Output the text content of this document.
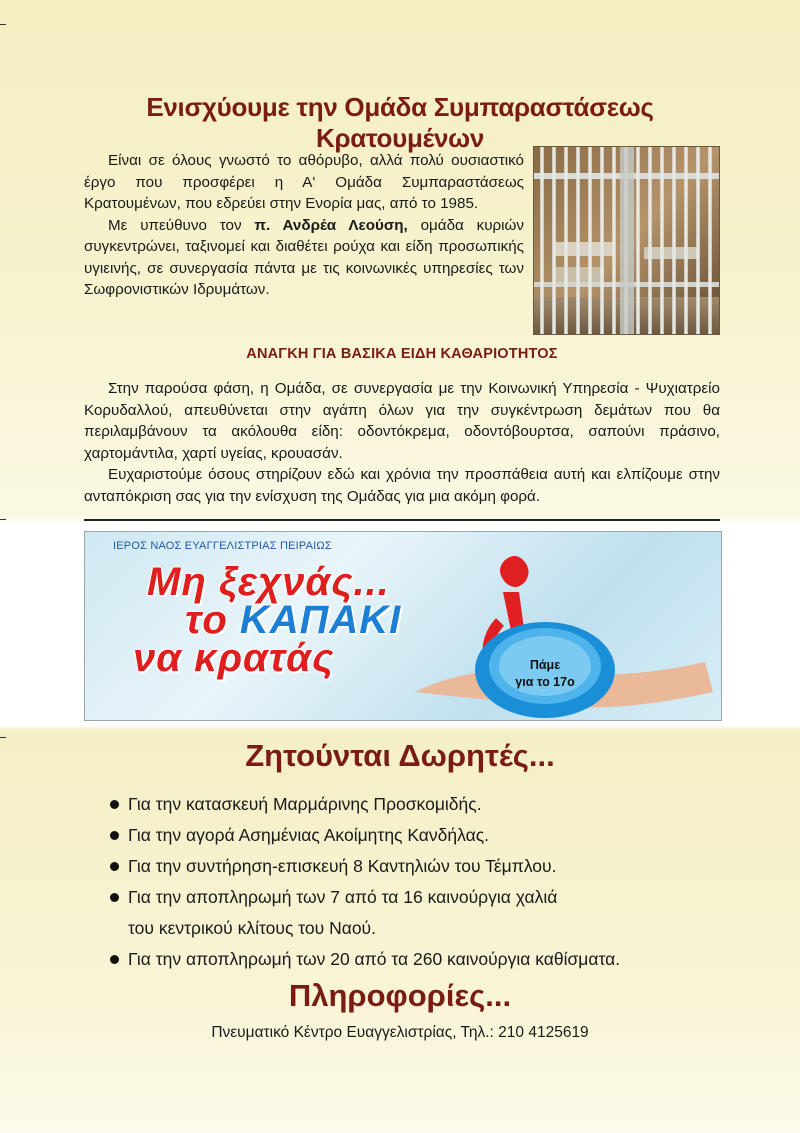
Ενισχύουμε την Ομάδα Συμπαραστάσεως Κρατουμένων

Είναι σε όλους γνωστό το αθόρυβο, αλλά πολύ ουσιαστικό έργο που προσφέρει η Α' Ομάδα Συμπαραστάσεως Κρατουμένων, που εδρεύει στην Ενορία μας, από το 1985.

Με υπεύθυνο τον π. Ανδρέα Λεούση, ομάδα κυριών συγκεντρώνει, ταξινομεί και διαθέτει ρούχα και είδη προσωπικής υγιεινής, σε συνεργασία πάντα με τις κοινωνικές υπηρεσίες των Σωφρονιστικών Ιδρυμάτων.

ΑΝΑΓΚΗ ΓΙΑ ΒΑΣΙΚΑ ΕΙΔΗ ΚΑΘΑΡΙΟΤΗΤΟΣ

Στην παρούσα φάση, η Ομάδα, σε συνεργασία με την Κοινωνική Υπηρεσία - Ψυχιατρείο Κορυδαλλού, απευθύνεται στην αγάπη όλων για την συγκέντρωση δεμάτων που θα περιλαμβάνουν τα ακόλουθα είδη: οδοντόκρεμα, οδοντόβουρτσα, σαπούνι πράσινο, χαρτομάντιλα, χαρτί υγείας, κρουασάν.

Ευχαριστούμε όσους στηρίζουν εδώ και χρόνια την προσπάθεια αυτή και ελπίζουμε στην ανταπόκριση σας για την ενίσχυση της Ομάδας για μια ακόμη φορά.

ΙΕΡΟΣ ΝΑΟΣ ΕΥΑΓΓΕΛΙΣΤΡΙΑΣ ΠΕΙΡΑΙΩΣ
Μη ξεχνάς...
το ΚΑΠΑΚΙ
να κρατάς	Πάμε
για το 17ο
Ζητούνται Δωρητές...
Για την κατασκευή Μαρμάρινης Προσκομιδής.
Για την αγορά Ασημένιας Ακοίμητης Κανδήλας.
Για την συντήρηση-επισκευή 8 Καντηλιών του Τέμπλου.
Για την αποπληρωμή των 7 από τα 16 καινούργια χαλιά
του κεντρικού κλίτους του Ναού.
Για την αποπληρωμή των 20 από τα 260 καινούργια καθίσματα.
Πληροφορίες...

Πνευματικό Κέντρο Ευαγγελιστρίας, Τηλ.: 210 4125619
